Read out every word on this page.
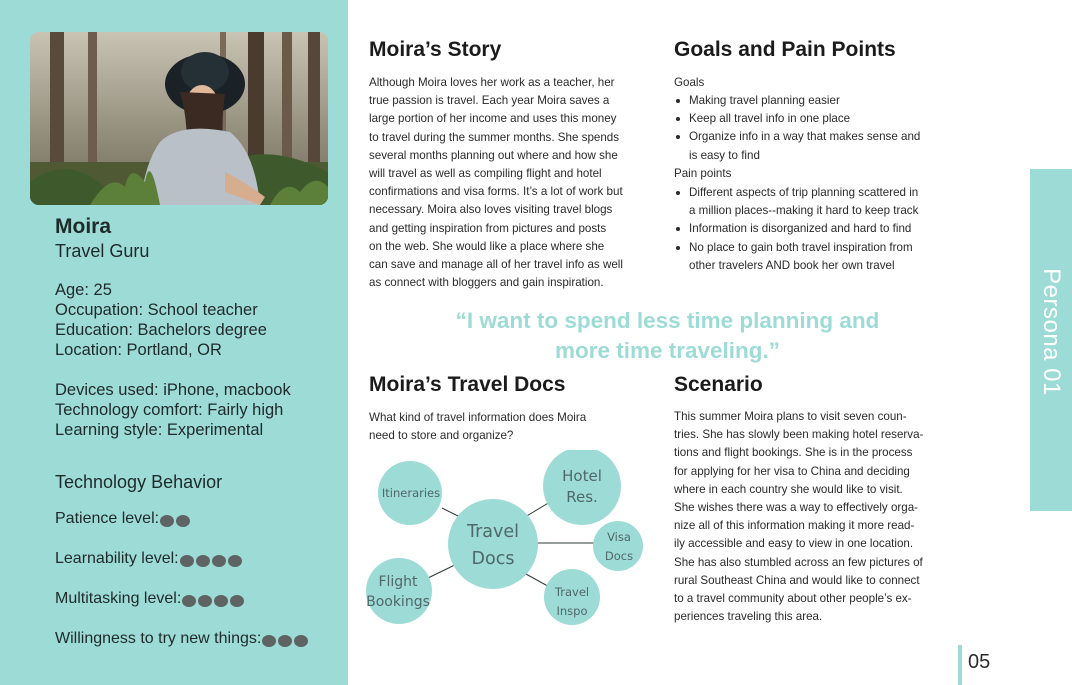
Moira
Travel Guru
Age: 25
Occupation: School teacher
Education: Bachelors degree
Location: Portland, OR
Devices used: iPhone, macbook
Technology comfort: Fairly high
Learning style: Experimental
Technology Behavior
Patience level:
Learnability level:
Multitasking level:
Willingness to try new things:
Moira’s Story
Although Moira loves her work as a teacher, her
true passion is travel. Each year Moira saves a
large portion of her income and uses this money
to travel during the summer months. She spends
several months planning out where and how she
will travel as well as compiling flight and hotel
confirmations and visa forms. It’s a lot of work but
necessary. Moira also loves visiting travel blogs
and getting inspiration from pictures and posts
on the web. She would like a place where she
can save and manage all of her travel info as well
as connect with bloggers and gain inspiration.
Goals and Pain Points
Goals
Making travel planning easier
Keep all travel info in one place
Organize info in a way that makes sense and
is easy to find
Pain points
Different aspects of trip planning scattered in
a million places--making it hard to keep track
Information is disorganized and hard to find
No place to gain both travel inspiration from
other travelers AND book her own travel
“I want to spend less time planning and
more time traveling.”
Moira’s Travel Docs
What kind of travel information does Moira
need to store and organize?
Itineraries
Hotel
Res.
Travel
Docs
Visa
Docs
Flight
Bookings
Travel
Inspo
Scenario
This summer Moira plans to visit seven coun-
tries. She has slowly been making hotel reserva-
tions and flight bookings. She is in the process
for applying for her visa to China and deciding
where in each country she would like to visit.
She wishes there was a way to effectively orga-
nize all of this information making it more read-
ily accessible and easy to view in one location.
She has also stumbled across an few pictures of
rural Southeast China and would like to connect
to a travel community about other people’s ex-
periences traveling this area.
Persona 01
05
